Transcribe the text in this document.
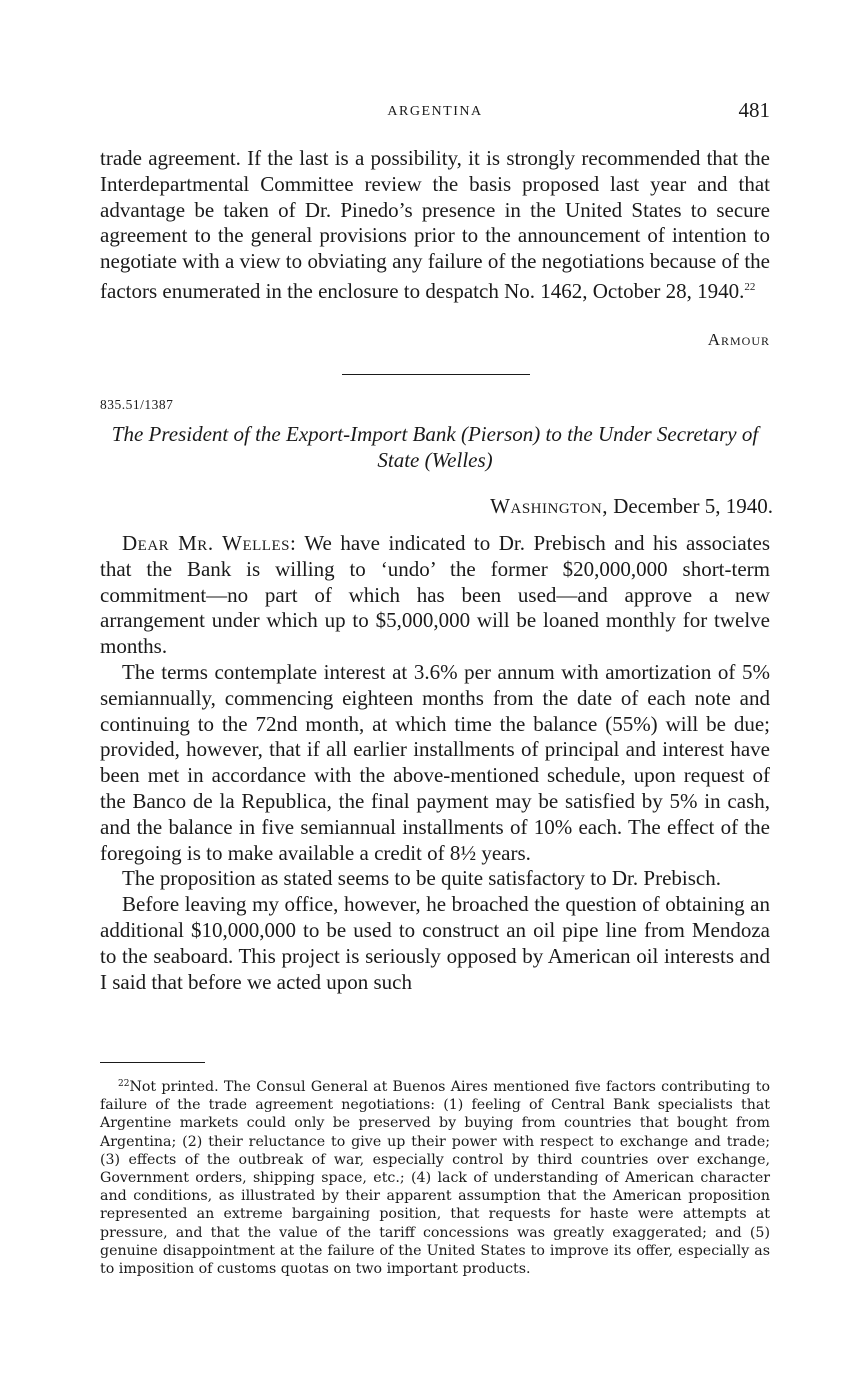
ARGENTINA	481

trade agreement. If the last is a possibility, it is strongly recommended that the Interdepartmental Committee review the basis proposed last year and that advantage be taken of Dr. Pinedo’s presence in the United States to secure agreement to the general provisions prior to the announcement of intention to negotiate with a view to obviating any failure of the negotiations because of the factors enumerated in the enclosure to despatch No. 1462, October 28, 1940.22

Armour
835.51/1387
The President of the Export-Import Bank (Pierson) to the Under Secretary of State (Welles)
Washington, December 5, 1940.

Dear Mr. Welles: We have indicated to Dr. Prebisch and his associates that the Bank is willing to ‘undo’ the former $20,000,000 short-term commitment—no part of which has been used—and approve a new arrangement under which up to $5,000,000 will be loaned monthly for twelve months.

The terms contemplate interest at 3.6% per annum with amortization of 5% semiannually, commencing eighteen months from the date of each note and continuing to the 72nd month, at which time the balance (55%) will be due; provided, however, that if all earlier installments of principal and interest have been met in accordance with the above-mentioned schedule, upon request of the Banco de la Republica, the final payment may be satisfied by 5% in cash, and the balance in five semiannual installments of 10% each. The effect of the foregoing is to make available a credit of 8½ years.

The proposition as stated seems to be quite satisfactory to Dr. Prebisch.

Before leaving my office, however, he broached the question of obtaining an additional $10,000,000 to be used to construct an oil pipe line from Mendoza to the seaboard. This project is seriously opposed by American oil interests and I said that before we acted upon such

$^{22}$Not printed. The Consul General at Buenos Aires mentioned five factors contributing to failure of the trade agreement negotiations: (1) feeling of Central Bank specialists that Argentine markets could only be preserved by buying from countries that bought from Argentina; (2) their reluctance to give up their power with respect to exchange and trade; (3) effects of the outbreak of war, especially control by third countries over exchange, Government orders, shipping space, etc.; (4) lack of understanding of American character and conditions, as illustrated by their apparent assumption that the American proposition represented an extreme bargaining position, that requests for haste were attempts at pressure, and that the value of the tariff concessions was greatly exaggerated; and (5) genuine disappointment at the failure of the United States to improve its offer, especially as to imposition of customs quotas on two important products.
